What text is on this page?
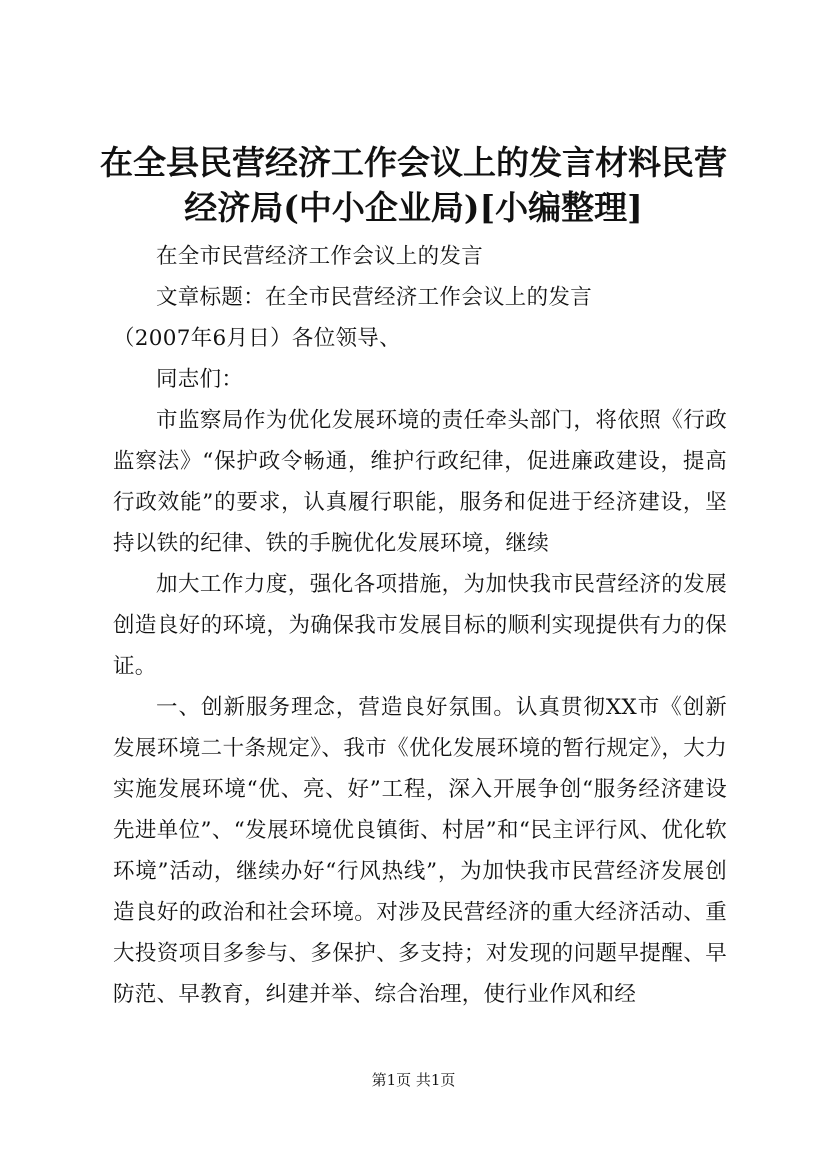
在全县民营经济工作会议上的发言材料民营经济局(中小企业局)[小编整理]

在全市民营经济工作会议上的发言

文章标题：在全市民营经济工作会议上的发言

（2007年6月日）各位领导、

同志们：

市监察局作为优化发展环境的责任牵头部门，将依照《行政监察法》“保护政令畅通，维护行政纪律，促进廉政建设，提高行政效能”的要求，认真履行职能，服务和促进于经济建设，坚持以铁的纪律、铁的手腕优化发展环境，继续

加大工作力度，强化各项措施，为加快我市民营经济的发展创造良好的环境，为确保我市发展目标的顺利实现提供有力的保证。

一、创新服务理念，营造良好氛围。认真贯彻XX市《创新发展环境二十条规定》、我市《优化发展环境的暂行规定》，大力实施发展环境“优、亮、好”工程，深入开展争创“服务经济建设先进单位”、“发展环境优良镇街、村居”和“民主评行风、优化软环境”活动，继续办好“行风热线”，为加快我市民营经济发展创造良好的政治和社会环境。对涉及民营经济的重大经济活动、重大投资项目多参与、多保护、多支持；对发现的问题早提醒、早防范、早教育，纠建并举、综合治理，使行业作风和经

第1页 共1页
